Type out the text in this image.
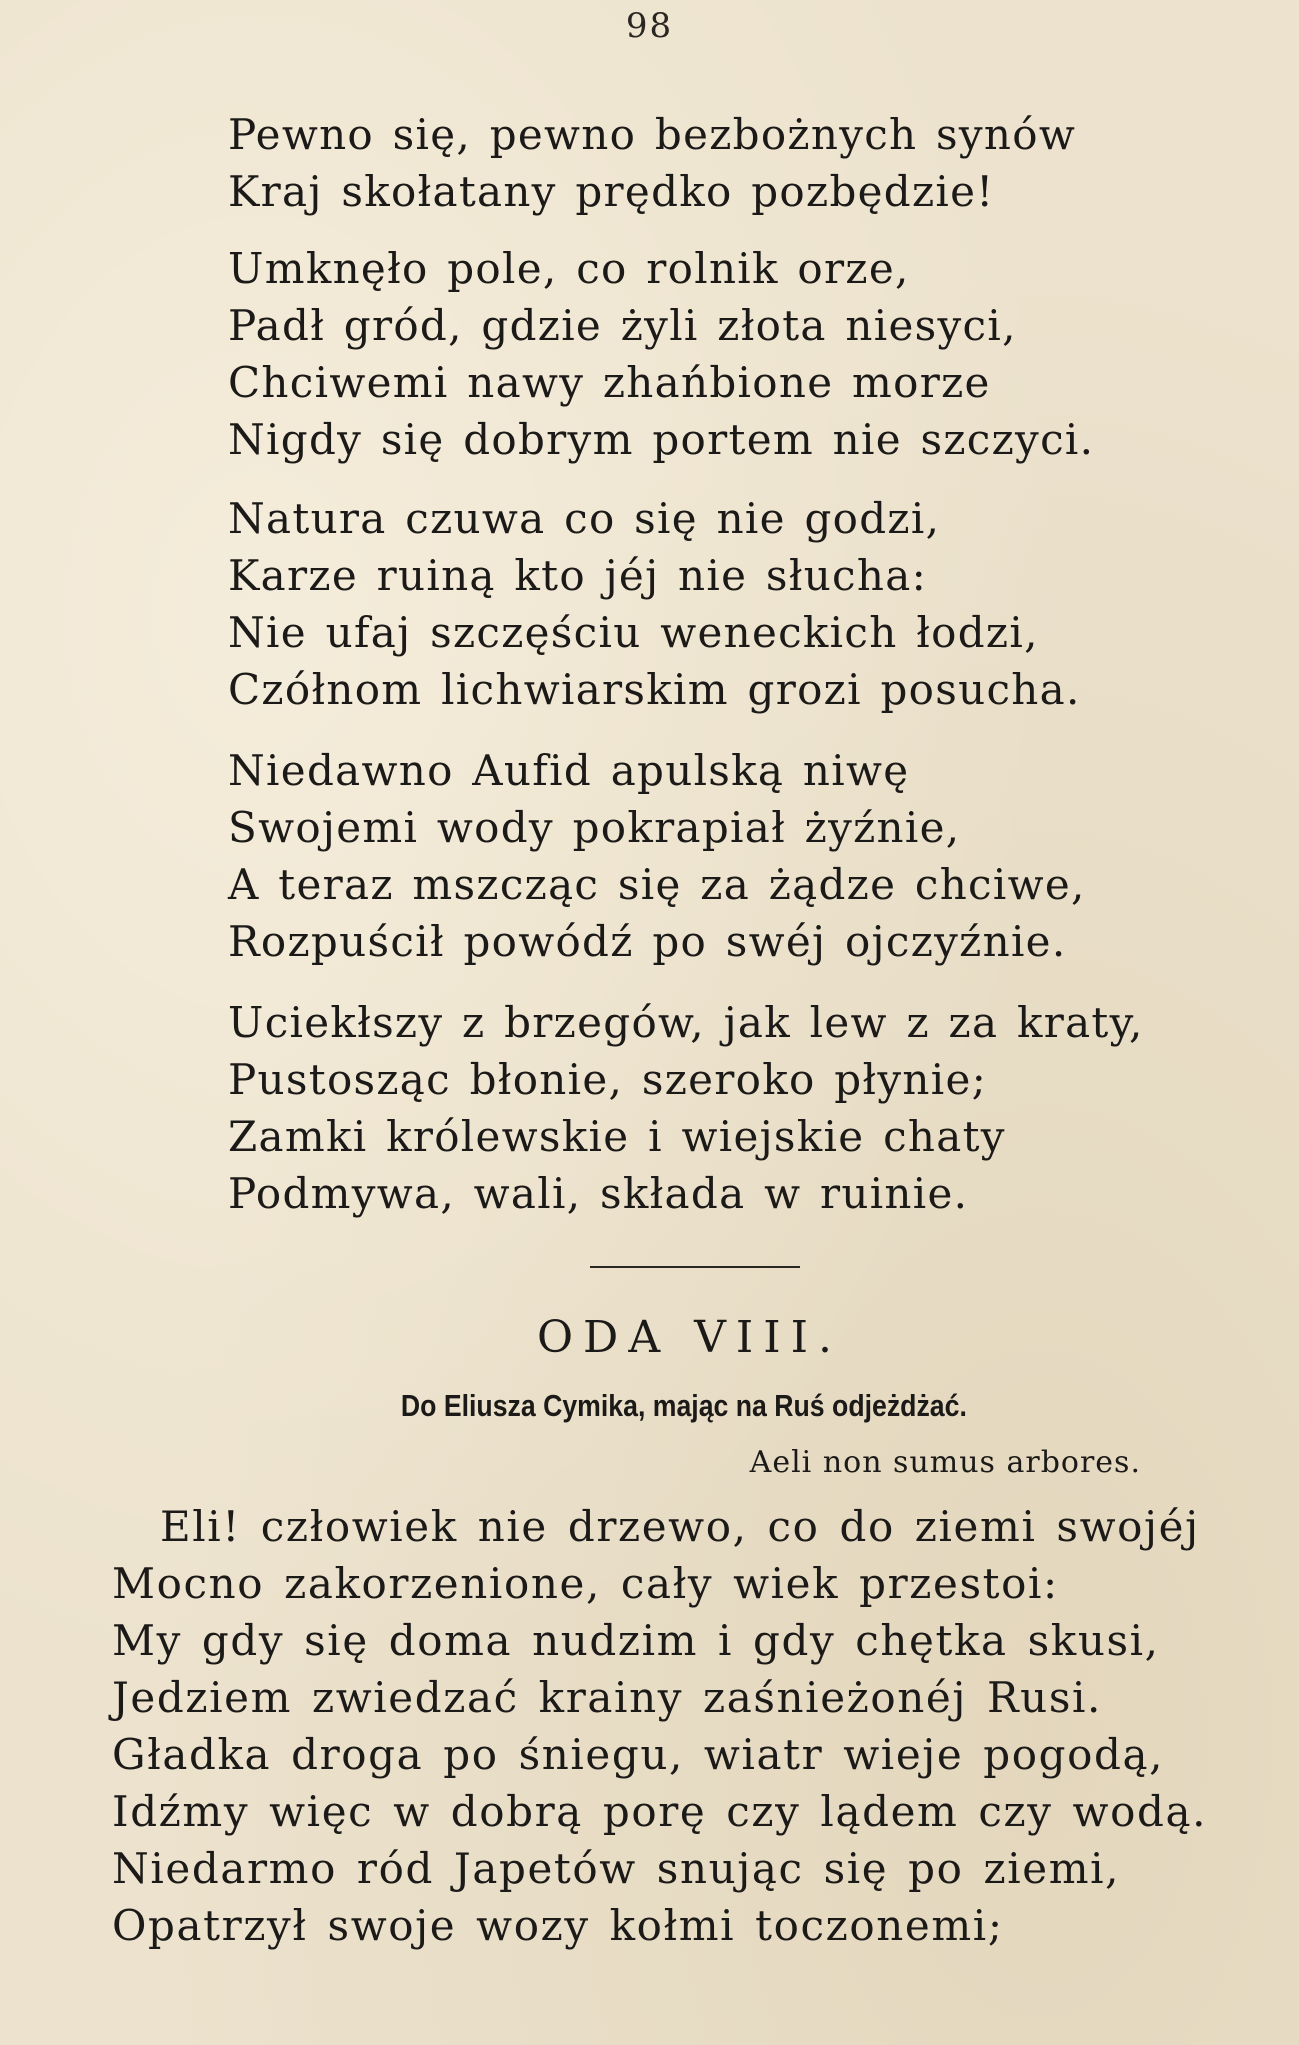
98
Pewno się, pewno bezbożnych synów
Kraj skołatany prędko pozbędzie!
Umknęło pole, co rolnik orze,
Padł gród, gdzie żyli złota niesyci,
Chciwemi nawy zhańbione morze
Nigdy się dobrym portem nie szczyci.
Natura czuwa co się nie godzi,
Karze ruiną kto jéj nie słucha:
Nie ufaj szczęściu weneckich łodzi,
Czółnom lichwiarskim grozi posucha.
Niedawno Aufid apulską niwę
Swojemi wody pokrapiał żyźnie,
A teraz mszcząc się za żądze chciwe,
Rozpuścił powódź po swéj ojczyźnie.
Uciekłszy z brzegów, jak lew z za kraty,
Pustosząc błonie, szeroko płynie;
Zamki królewskie i wiejskie chaty
Podmywa, wali, składa w ruinie.
ODA VIII.
Do Eliusza Cymika, mając na Ruś odjeżdżać.
Aeli non sumus arbores.
Eli! człowiek nie drzewo, co do ziemi swojéj
Mocno zakorzenione, cały wiek przestoi:
My gdy się doma nudzim i gdy chętka skusi,
Jedziem zwiedzać krainy zaśnieżonéj Rusi.
Gładka droga po śniegu, wiatr wieje pogodą,
Idźmy więc w dobrą porę czy lądem czy wodą.
Niedarmo ród Japetów snując się po ziemi,
Opatrzył swoje wozy kołmi toczonemi;
